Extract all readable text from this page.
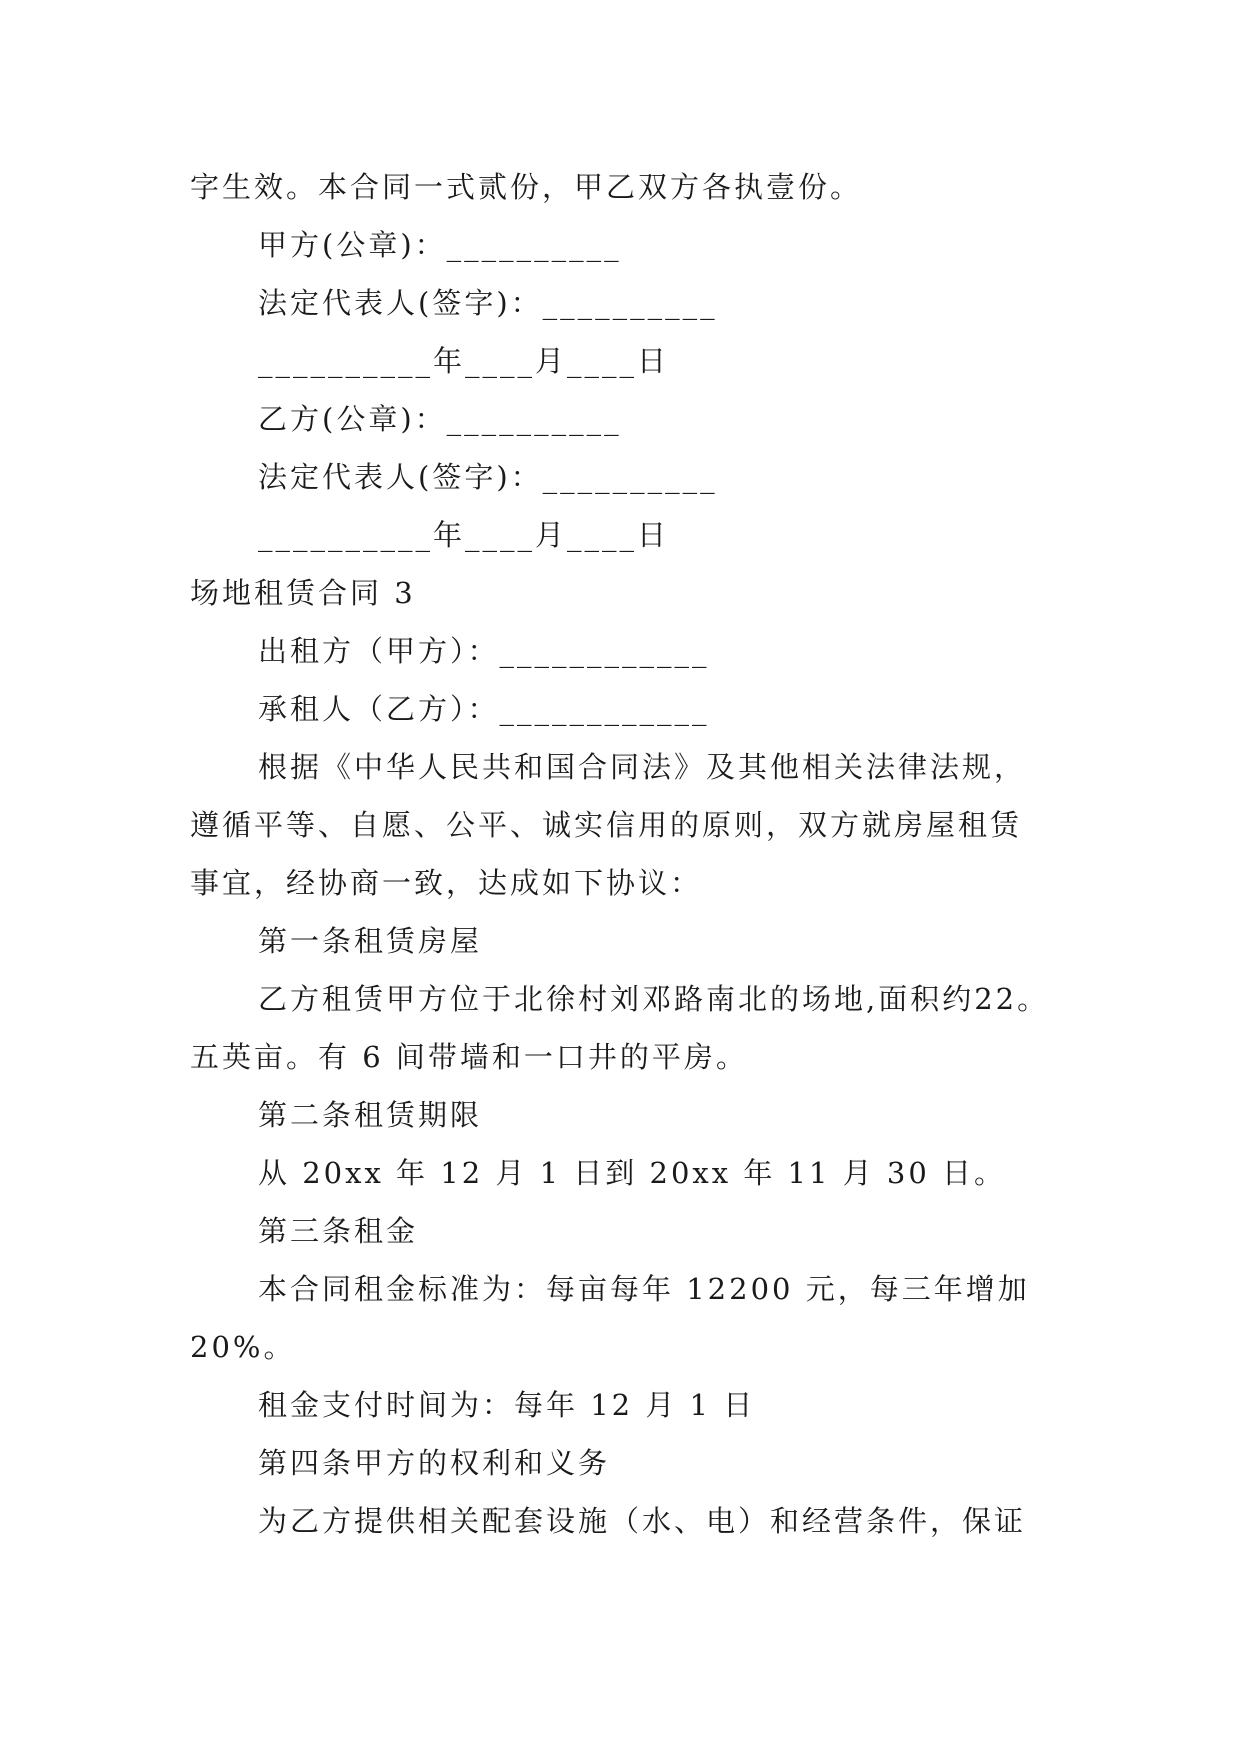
字生效。本合同一式贰份，甲乙双方各执壹份。
甲方(公章)：__________
法定代表人(签字)：__________
__________年____月____日
乙方(公章)：__________
法定代表人(签字)：__________
__________年____月____日
场地租赁合同 3
出租方（甲方）：____________
承租人（乙方）：____________
根据《中华人民共和国合同法》及其他相关法律法规，
遵循平等、自愿、公平、诚实信用的原则，双方就房屋租赁
事宜，经协商一致，达成如下协议：
第一条租赁房屋
乙方租赁甲方位于北徐村刘邓路南北的场地,面积约22。
五英亩。有 6 间带墙和一口井的平房。
第二条租赁期限
从 20xx 年 12 月 1 日到 20xx 年 11 月 30 日。
第三条租金
本合同租金标准为：每亩每年 12200 元，每三年增加
20%。
租金支付时间为：每年 12 月 1 日
第四条甲方的权利和义务
为乙方提供相关配套设施（水、电）和经营条件，保证
